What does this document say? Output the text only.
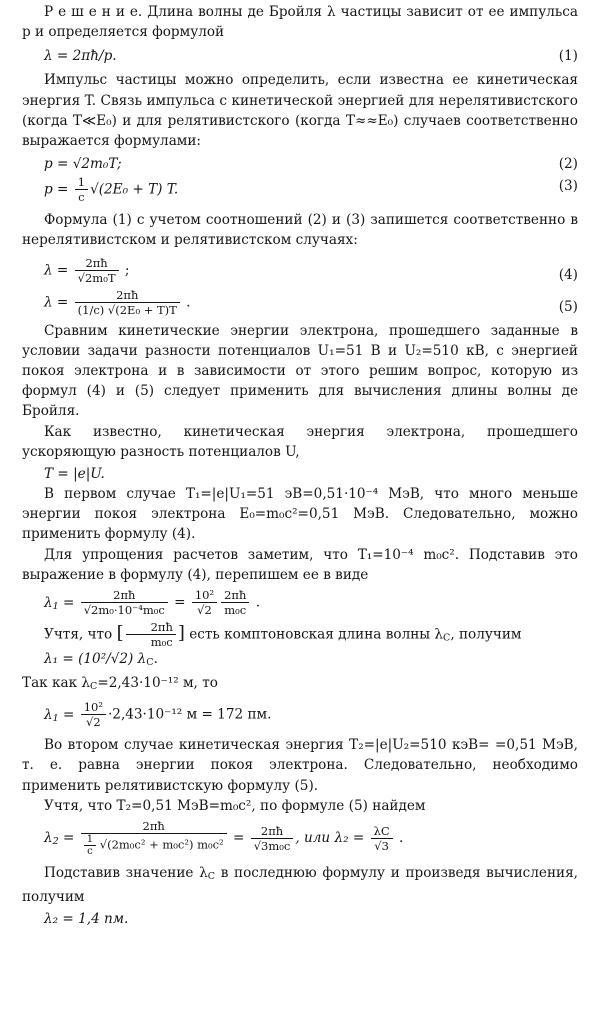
Р е ш е н и е. Длина волны де Бройля λ частицы зависит от ее импульса p и определяется формулой

λ = 2πħ/p.	(1)

Импульс частицы можно определить, если известна ее кинетическая энергия T. Связь импульса с кинетической энергией для нерелятивистского (когда T≪E₀) и для релятивистского (когда T≈≈E₀) случаев соответственно выражается формулами:

p = √2m₀T;	(2)
$p = \frac{1}{c} √(2E_0 + T)$ T.	(3)

Формула (1) с учетом соотношений (2) и (3) запишется соответственно в нерелятивистском и релятивистском случаях:

$\lambda = \frac{2\pi ħ}{\text{√2m₀T}}$ ;	(4)
$\lambda = \frac{2\pi ħ}{\text{(1/c) √(2E₀ + T)T}}$ .	(5)

Сравним кинетические энергии электрона, прошедшего заданные в условии задачи разности потенциалов U₁=51 В и U₂=510 кВ, с энергией покоя электрона и в зависимости от этого решим вопрос, которую из формул (4) и (5) следует применить для вычисления длины волны де Бройля.

Как известно, кинетическая энергия электрона, прошедшего ускоряющую разность потенциалов U,

T = |e|U.

В первом случае T₁=|e|U₁=51 эВ=0,51·10⁻⁴ МэВ, что много меньше энергии покоя электрона E₀=m₀c²=0,51 МэВ. Следовательно, можно применить формулу (4).

Для упрощения расчетов заметим, что T₁=10⁻⁴ m₀c². Подставив это выражение в формулу (4), перепишем ее в виде

$\lambda_1 = \frac{2\pi ħ}{\text{√2m₀·10⁻⁴m₀c}} = \frac{\text{10²}}{√2} \frac{2\pi ħ}{\text{m₀c}}$ .

Учтя, что [ $\frac{2\pi ħ}{\text{m₀c}}$ ] есть комптоновская длина волны $\lambda_C$, получим

λ₁ = (10²/√2) $\lambda_C$.

Так как $\lambda_C=2,43\cdot 10^{-12}$ м, то

$\lambda_1 = \frac{\text{10²}}{√2} \cdot 2,43\cdot 10^{-12}$ м = 172 пм.

Во втором случае кинетическая энергия T₂=|e|U₂=510 кэВ= =0,51 МэВ, т. е. равна энергии покоя электрона. Следовательно, необходимо применить релятивистскую формулу (5).

Учтя, что T₂=0,51 МэВ=m₀c², по формуле (5) найдем

$\lambda_2 = \frac{2\pi ħ}{\frac{1}{c} √(2m_0c^2 + m_0c^2) m_0c^2} = \frac{2\pi ħ}{\text{√3m₀c}}$ , или $\lambda_2 = \frac{\lambda C}{√3}$ .

Подставив значение $\lambda_C$ в последнюю формулу и произведя вычисления, получим

λ₂ = 1,4 пм.
